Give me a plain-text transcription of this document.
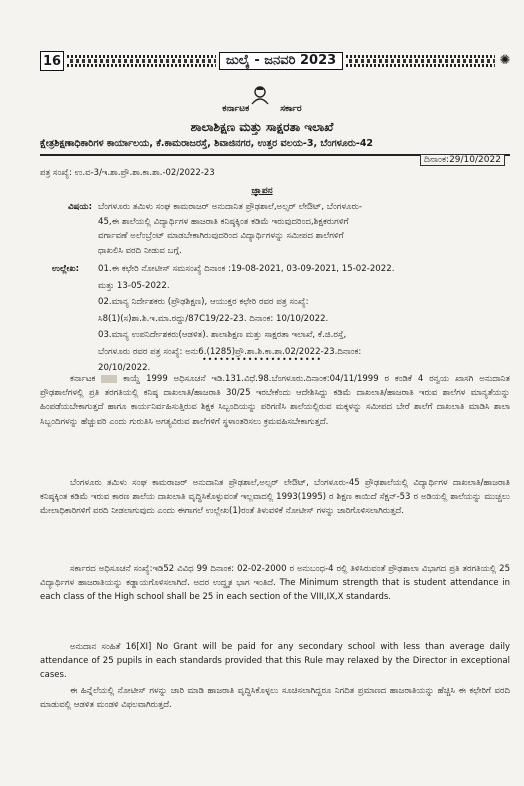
16	ಜುಲೈ - ಜನವರಿ 2023	✺
ಕರ್ನಾಟಕ	ಸರ್ಕಾರ
ಶಾಲಾಶಿಕ್ಷಣ ಮತ್ತು ಸಾಕ್ಷರತಾ ಇಲಾಖೆ
ಕ್ಷೇತ್ರಶಿಕ್ಷಣಾಧಿಕಾರಿಗಳ ಕಾರ್ಯಾಲಯ, ಕೆ.ಕಾಮರಾಜರಸ್ತೆ, ಶಿವಾಜಿನಗರ, ಉತ್ತರ ವಲಯ-3, ಬೆಂಗಳೂರು-42
ದಿನಾಂಕ:29/10/2022
ಪತ್ರ ಸಂಖ್ಯೆ: ಉ.ವ-3/ಇ.ಶಾ.ಪ್ರೌ.ಶಾ.ಕಾ.ಶಾ.-02/2022-23
ಜ್ಞಾಪನ
ವಿಷಯ: ಬೆಂಗಳೂರು ತಮಿಳು ಸಂಘ ಕಾಮರಾಜರ್ ಅನುದಾನಿತ ಪ್ರೌಢಶಾಲೆ,ಅಲ್ಸರ್ ಲೇಔಟ್, ಬೆಂಗಳೂರು-
45,ಈ ಶಾಲೆಯಲ್ಲಿ ವಿದ್ಯಾರ್ಥಿಗಳ ಹಾಜರಾತಿ ಕನಿಷ್ಠಕ್ಕಿಂತ ಕಡಿಮೆ ಇರುವುದರಿಂದ,ಶಿಕ್ಷಕರುಗಳಿಗೆ
ವರ್ಗಾವಣೆ ಅಲೆಂಬ್ರೆಂಟ್ ಮಾಡಬೇಕಾಗಿರುವುದರಿಂದ ವಿದ್ಯಾರ್ಥಿಗಳನ್ನು ಸಮೀಪದ ಶಾಲೆಗಳಿಗೆ
ಧಾಖಲಿಸಿ ವರದಿ ನೀಡುವ ಬಗ್ಗೆ.
ಉಲ್ಲೇಖ: 01.ಈ ಕಛೇರಿ ನೋಟೀಸ್ ಸಮಸಂಖ್ಯೆ ದಿನಾಂಕ :19-08-2021, 03-09-2021, 15-02-2022.
ಮತ್ತು 13-05-2022.
02.ಮಾನ್ಯ ನಿರ್ದೇಶಕರು (ಪ್ರೌಢಶಿಕ್ಷಣ), ಆಯುಕ್ತರ ಕಛೇರಿ ರವರ ಪತ್ರ ಸಂಖ್ಯೆ:
ಸಿ8(1)(ಸ)ಶಾ.ಶಿ.ಇ.ಮಾ.ರದ್ದು/87C19/22-23. ದಿನಾಂಕ: 10/10/2022.
03.ಮಾನ್ಯ ಉಪನಿರ್ದೇಶಕರು(ಆಡಳಿತ). ಶಾಲಾಶಿಕ್ಷಣ ಮತ್ತು ಸಾಕ್ಷರತಾ ಇಲಾಖೆ, ಕೆ.ಜಿ.ರಸ್ತೆ,
ಬೆಂಗಳೂರು ರವರ ಪತ್ರ ಸಂಖ್ಯೆ: ಅನು6.(1285)ಪ್ರೌ.ಶಾ.ಶಿ.ಕಾ.ಶಾ.02/2022-23.ದಿನಾಂಕ:
20/10/2022.
•••••••••••••••••••••
ಕರ್ನಾಟಕ	ಕಾಯ್ದೆ 1999 ಅಧಿಸೂಚನೆ ಇಡಿ.131.ವಿಧೆ.98.ಬೆಂಗಳೂರು.ದಿನಾಂಕ:04/11/1999 ರ ಕಂಡಿಕೆ 4 ರನ್ವಯ ಖಾಸಗಿ ಅನುದಾನಿತ ಪ್ರೌಢಶಾಲೆಗಳಲ್ಲಿ ಪ್ರತಿ ತರಗತಿಯಲ್ಲಿ ಕನಿಷ್ಠ ದಾಖಲಾತಿ/ಹಾಜರಾತಿ 30/25 ಇರಬೇಕೆಂದು ಆದೇಶಿಸಿದ್ದು ಕಡಿಮೆ ದಾಖಲಾತಿ/ಹಾಜರಾತಿ ಇರುವ ಶಾಲೆಗಳ ಮಾನ್ಯತೆಯನ್ನು ಹಿಂಪಡೆಯಬೇಕಾಗುತ್ತದೆ ಹಾಗೂ ಕಾರ್ಯನಿರ್ವಹಿಸುತ್ತಿರುವ ಶಿಕ್ಷಕ ಸಿಬ್ಬಂದಿಯನ್ನು ಪರಿಗಣಿಸಿ ಶಾಲೆಯಲ್ಲಿರುವ ಮಕ್ಕಳನ್ನು ಸಮೀಪದ ಬೇರೆ ಶಾಲೆಗೆ ದಾಖಲಾತಿ ಮಾಡಿಸಿ ಶಾಲಾ ಸಿಬ್ಬಂದಿಗಳನ್ನು ಹೆಚ್ಚುವರಿ ಎಂದು ಗುರುತಿಸಿ ಅಗತ್ಯವಿರುವ ಶಾಲೆಗಳಿಗೆ ಸ್ಥಳಾಂತರಿಸಲು ಕ್ರಮವಹಿಸಬೇಕಾಗುತ್ತದೆ.
ಬೆಂಗಳೂರು ತಮಿಳು ಸಂಘ ಕಾಮರಾಜರ್ ಅನುದಾನಿತ ಪ್ರೌಢಶಾಲೆ,ಅಲ್ಸರ್ ಲೇಔಟ್, ಬೆಂಗಳೂರು-45 ಪ್ರೌಢಶಾಲೆಯಲ್ಲಿ ವಿದ್ಯಾರ್ಥಿಗಳ ದಾಖಲಾತಿ/ಹಾಜರಾತಿ ಕನಿಷ್ಠಕ್ಕಿಂತ ಕಡಿಮೆ ಇರುವ ಕಾರಣ ಶಾಲೆಯ ದಾಖಲಾತಿ ವೃದ್ಧಿಸಿಕೊಳ್ಳುವಂತೆ ಇಲ್ಲವಾದಲ್ಲಿ 1993(1995) ರ ಶಿಕ್ಷಣ ಕಾಯಿದೆ ಸೆಕ್ಷನ್-53 ರ ಅಡಿಯಲ್ಲಿ ಶಾಲೆಯನ್ನು ಮುಚ್ಚಲು ಮೇಲಾಧಿಕಾರಿಗಳಿಗೆ ವರದಿ ನೀಡಲಾಗುವುದು ಎಂದು ಈಗಾಗಲೆ ಉಲ್ಲೇಖ(1)ರಂತೆ ತಿಳುವಳಿಕೆ ನೋಟೀಸ್ ಗಳನ್ನು ಜಾರಿಗೊಳಿಸಲಾಗಿರುತ್ತದೆ.
ಸರ್ಕಾರದ ಅಧಿಸೂಚನೆ ಸಂಖ್ಯೆ:ಇಡಿ52 ವಿವಿಧ 99 ದಿನಾಂಕ: 02-02-2000 ರ ಅನುಬಂಧ-4 ರಲ್ಲಿ ತಿಳಿಸಿರುವಂತೆ ಪ್ರೌಢಶಾಲಾ ವಿಭಾಗದ ಪ್ರತಿ ತರಗತಿಯಲ್ಲಿ 25 ವಿದ್ಯಾರ್ಥಿಗಳ ಹಾಜರಾತಿಯನ್ನು ಕಡ್ಡಾಯಗೊಳಿಸಲಾಗಿದೆ. ಅದರ ಉದ್ಧೃತ ಭಾಗ ಇಂತಿದೆ. The Minimum strength that is student attendance in each class of the High school shall be 25 in each section of the VIII,IX,X standards.
ಅನುದಾನ ಸಂಹಿತೆ 16[XI] No Grant will be paid for any secondary school with less than average daily attendance of 25 pupils in each standards provided that this Rule may relaxed by the Director in exceptional cases.
ಈ ಹಿನ್ನೆಲೆಯಲ್ಲಿ ನೋಟೀಸ್ ಗಳನ್ನು ಜಾರಿ ಮಾಡಿ ಹಾಜರಾತಿ ವೃದ್ಧಿಸಿಕೊಳ್ಳಲು ಸೂಚಿಸಲಾಗಿದ್ದರೂ ನಿಗದಿತ ಪ್ರಮಾಣದ ಹಾಜರಾತಿಯನ್ನು ಹೆಚ್ಚಿಸಿ ಈ ಕಛೇರಿಗೆ ವರದಿ ಮಾಡುವಲ್ಲಿ ಆಡಳಿತ ಮಂಡಳಿ ವಿಫಲವಾಗಿರುತ್ತದೆ.
